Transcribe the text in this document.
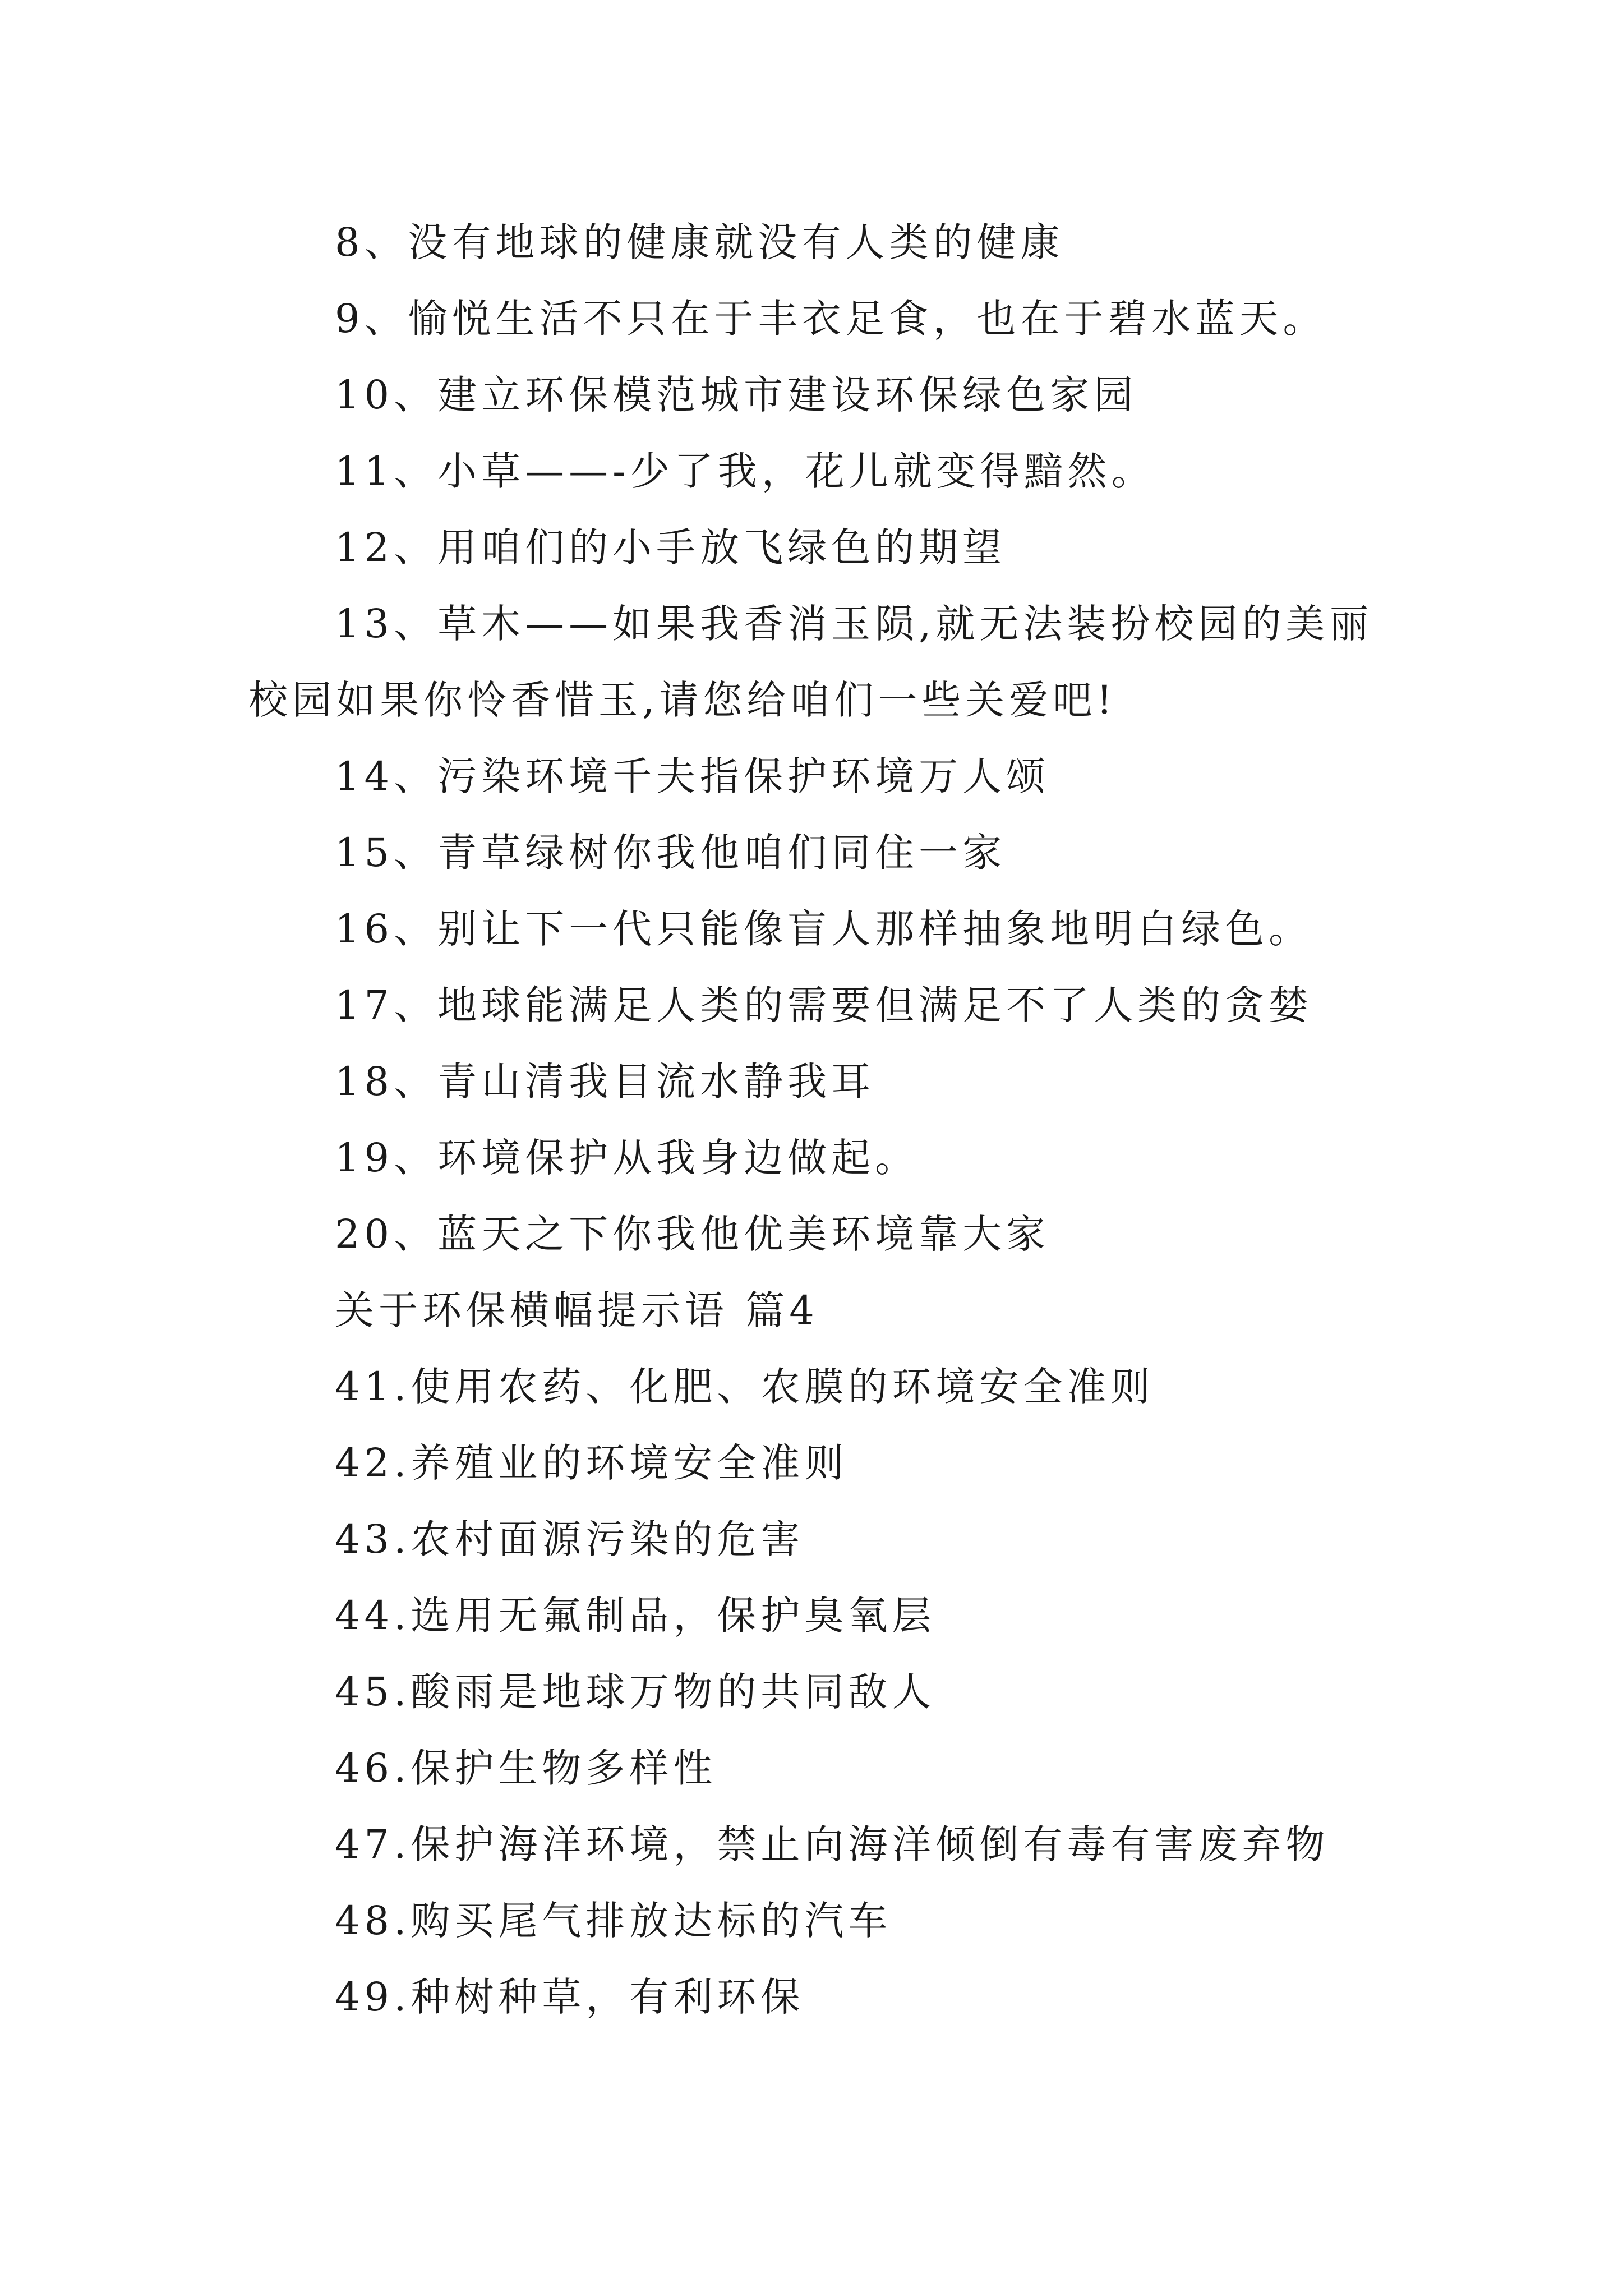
8、没有地球的健康就没有人类的健康
9、愉悦生活不只在于丰衣足食，也在于碧水蓝天。
10、建立环保模范城市建设环保绿色家园
11、小草——-少了我，花儿就变得黯然。
12、用咱们的小手放飞绿色的期望
13、草木——如果我香消玉陨,就无法装扮校园的美丽
校园如果你怜香惜玉,请您给咱们一些关爱吧!
14、污染环境千夫指保护环境万人颂
15、青草绿树你我他咱们同住一家
16、别让下一代只能像盲人那样抽象地明白绿色。
17、地球能满足人类的需要但满足不了人类的贪婪
18、青山清我目流水静我耳
19、环境保护从我身边做起。
20、蓝天之下你我他优美环境靠大家
关于环保横幅提示语 篇4
41.使用农药、化肥、农膜的环境安全准则
42.养殖业的环境安全准则
43.农村面源污染的危害
44.选用无氟制品，保护臭氧层
45.酸雨是地球万物的共同敌人
46.保护生物多样性
47.保护海洋环境，禁止向海洋倾倒有毒有害废弃物
48.购买尾气排放达标的汽车
49.种树种草，有利环保
